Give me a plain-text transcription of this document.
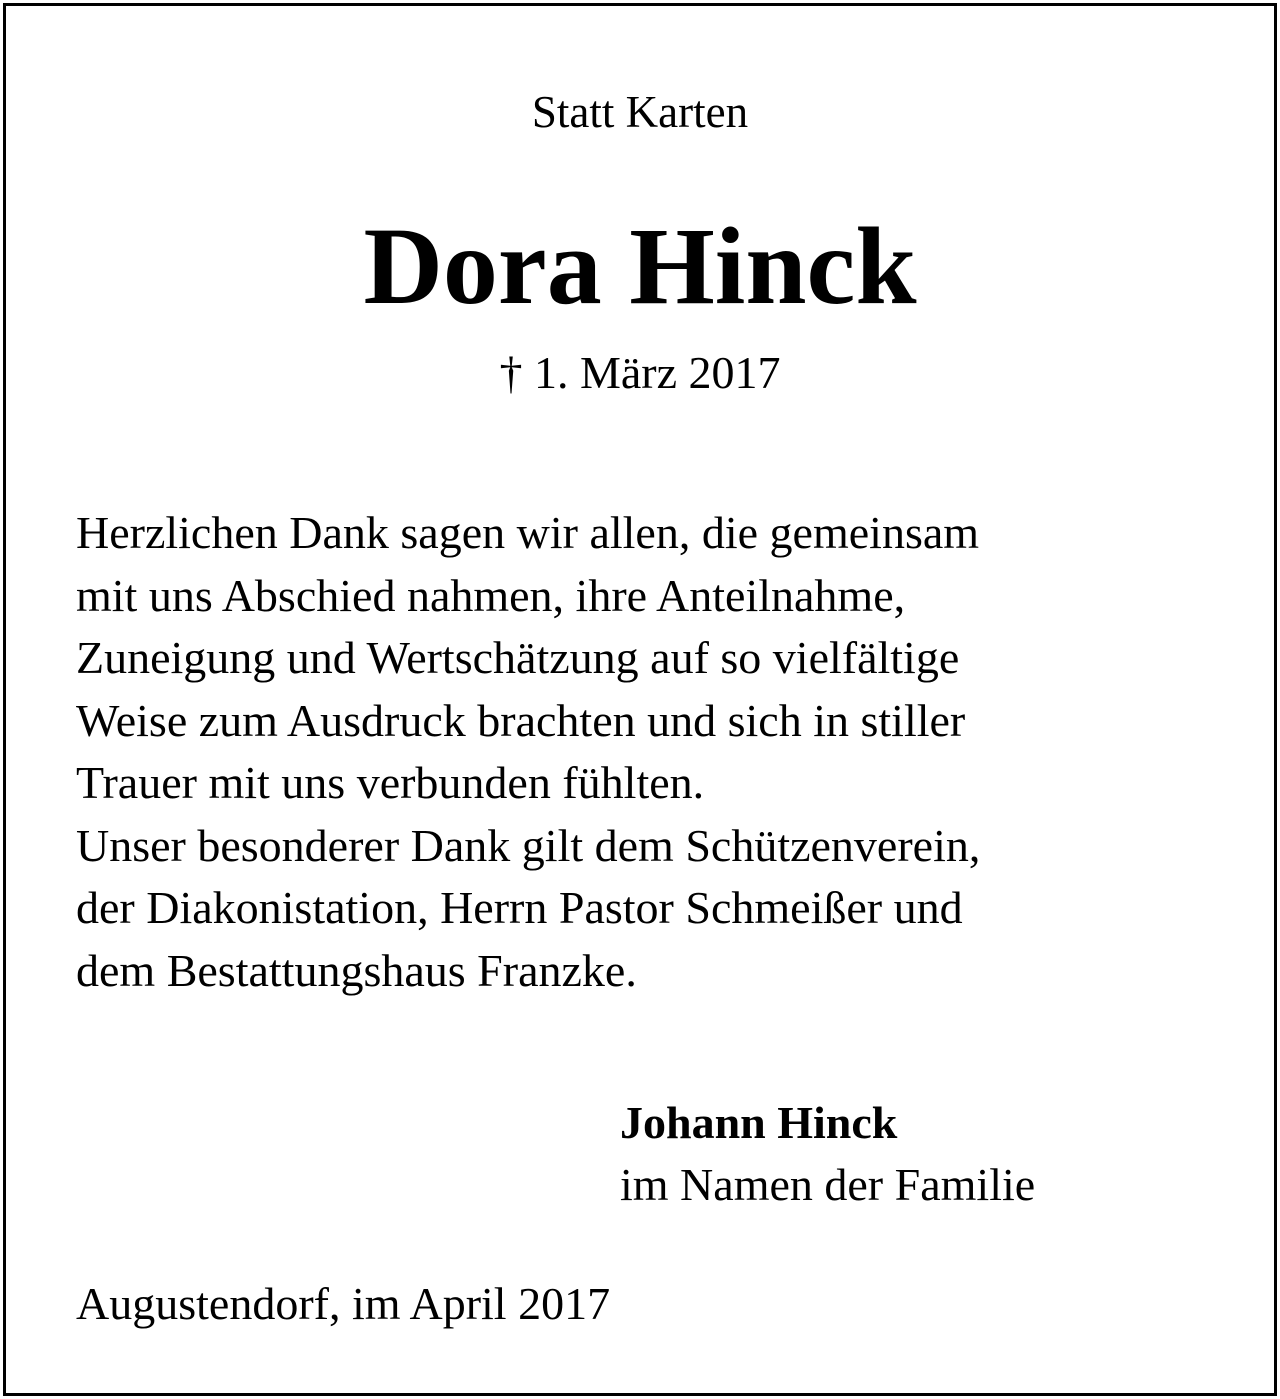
Statt Karten
Dora Hinck
† 1. März 2017

Herzlichen Dank sagen wir allen, die gemeinsam

mit uns Abschied nahmen, ihre Anteilnahme,

Zuneigung und Wertschätzung auf so vielfältige

Weise zum Ausdruck brachten und sich in stiller

Trauer mit uns verbunden fühlten.

Unser besonderer Dank gilt dem Schützenverein,

der Diakonistation, Herrn Pastor Schmeißer und

dem Bestattungshaus Franzke.

Johann Hinck
im Namen der Familie
Augustendorf, im April 2017
